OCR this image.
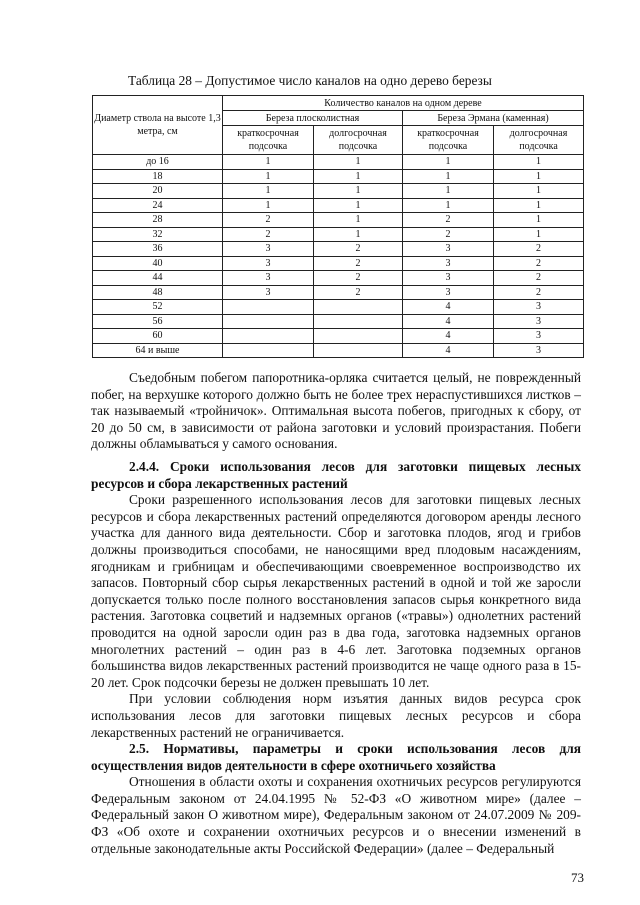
Таблица 28 – Допустимое число каналов на одно дерево березы
Диаметр ствола на высоте 1,3 метра, см	Количество каналов на одном дереве			
	Береза плосколистная		Береза Эрмана (каменная)	
	краткосрочная подсочка	долгосрочная подсочка	краткосрочная подсочка	долгосрочная подсочка
до 16	1	1	1	1
18	1	1	1	1
20	1	1	1	1
24	1	1	1	1
28	2	1	2	1
32	2	1	2	1
36	3	2	3	2
40	3	2	3	2
44	3	2	3	2
48	3	2	3	2
52			4	3
56			4	3
60			4	3
64 и выше			4	3

Съедобным побегом папоротника-орляка считается целый, не поврежденный побег, на верхушке которого должно быть не более трех нераспустившихся листков – так называемый «тройничок». Оптимальная высота побегов, пригодных к сбору, от 20 до 50 см, в зависимости от района заготовки и условий произрастания. Побеги должны обламываться у самого основания.

2.4.4. Сроки использования лесов для заготовки пищевых лесных ресурсов и сбора лекарственных растений

Сроки разрешенного использования лесов для заготовки пищевых лесных ресурсов и сбора лекарственных растений определяются договором аренды лесного участка для данного вида деятельности. Сбор и заготовка плодов, ягод и грибов должны производиться способами, не наносящими вред плодовым насаждениям, ягодникам и грибницам и обеспечивающими своевременное воспроизводство их запасов. Повторный сбор сырья лекарственных растений в одной и той же заросли допускается только после полного восстановления запасов сырья конкретного вида растения. Заготовка соцветий и надземных органов («травы») однолетних растений проводится на одной заросли один раз в два года, заготовка надземных органов многолетних растений – один раз в 4-6 лет. Заготовка подземных органов большинства видов лекарственных растений производится не чаще одного раза в 15-20 лет. Срок подсочки березы не должен превышать 10 лет.

При условии соблюдения норм изъятия данных видов ресурса срок использования лесов для заготовки пищевых лесных ресурсов и сбора лекарственных растений не ограничивается.

2.5. Нормативы, параметры и сроки использования лесов для осуществления видов деятельности в сфере охотничьего хозяйства

Отношения в области охоты и сохранения охотничьих ресурсов регулируются Федеральным законом от 24.04.1995 № 52-ФЗ «О животном мире» (далее – Федеральный закон О животном мире), Федеральным законом от 24.07.2009 № 209-ФЗ «Об охоте и сохранении охотничьих ресурсов и о внесении изменений в отдельные законодательные акты Российской Федерации» (далее – Федеральный

73
